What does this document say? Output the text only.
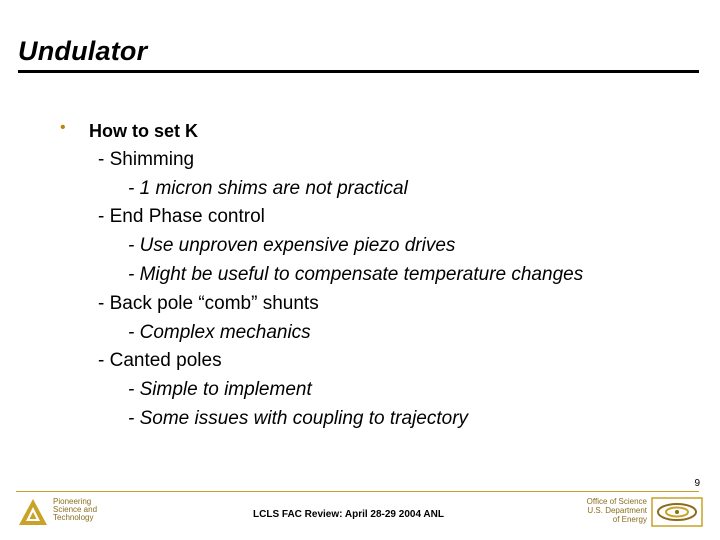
Undulator
• How to set K
- Shimming
- 1 micron shims are not practical
- End Phase control
- Use unproven expensive piezo drives
- Might be useful to compensate temperature changes
- Back pole “comb” shunts
- Complex mechanics
- Canted poles
- Simple to implement
- Some issues with coupling to trajectory
9
Pioneering
Science and
Technology	LCLS FAC Review: April 28-29 2004 ANL
Office of Science
U.S. Department
of Energy
